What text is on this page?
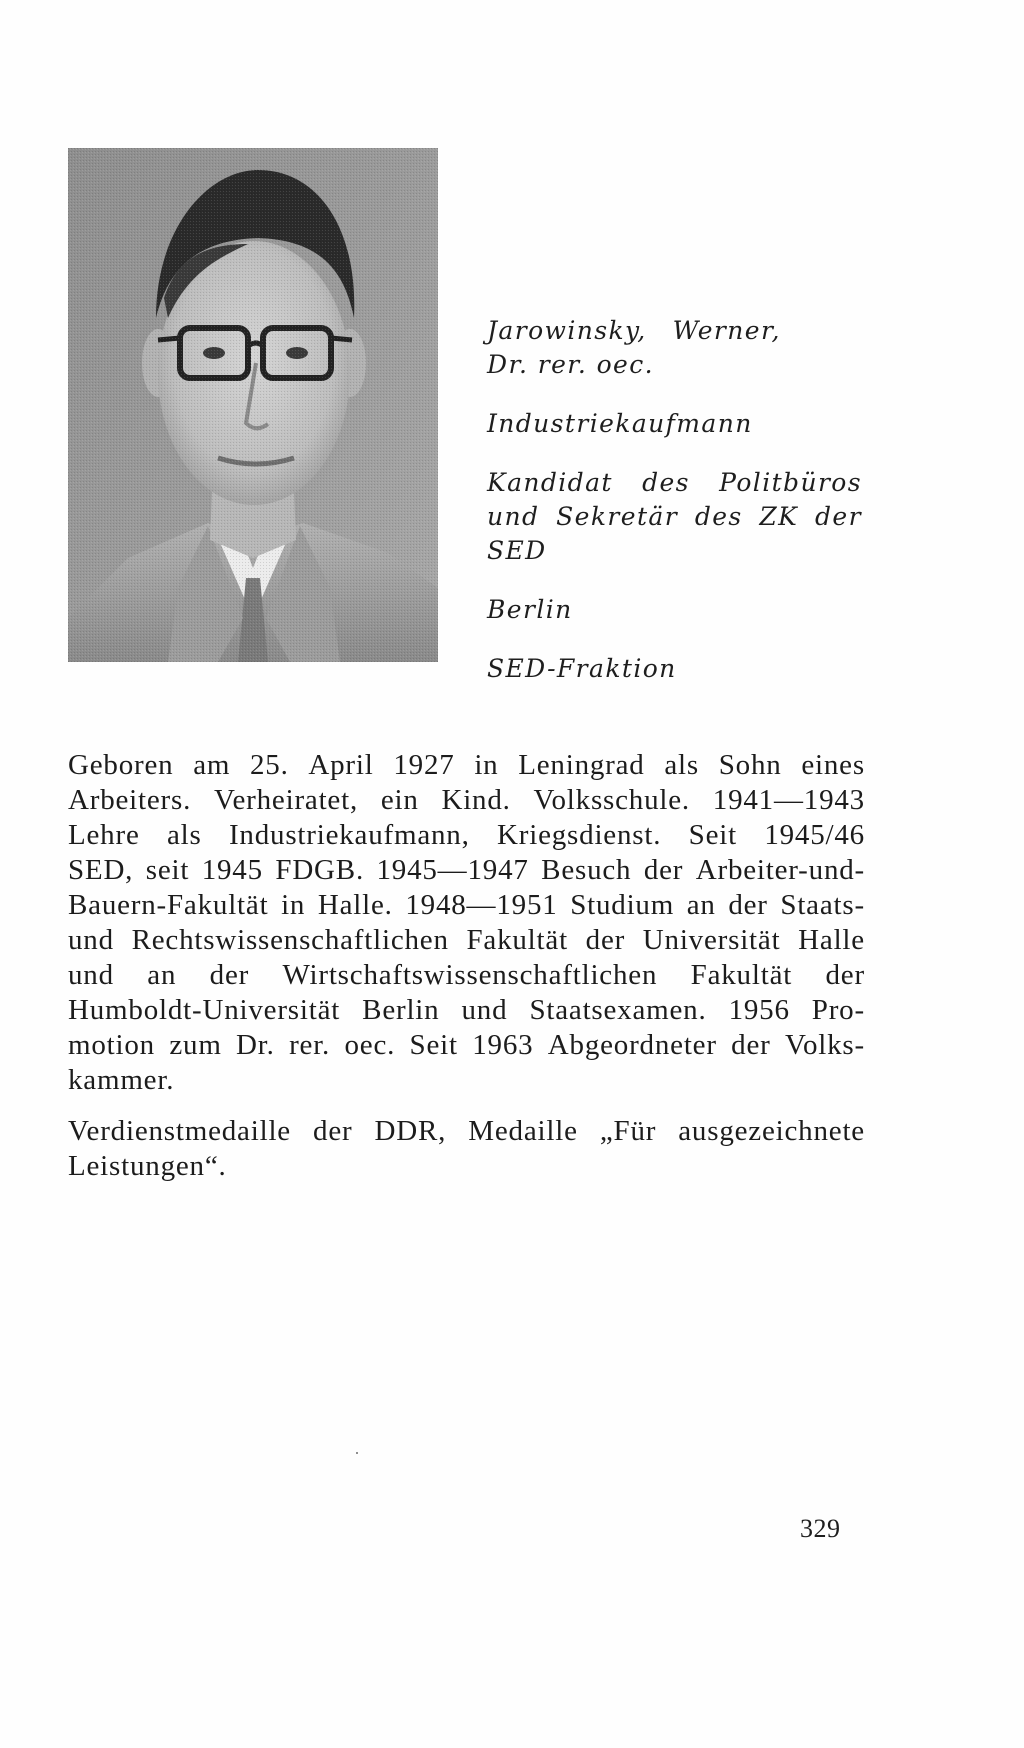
Jarowinsky, Werner,
Dr. rer. oec.
Industriekaufmann
Kandidat des Politbüros
und Sekretär des ZK der
SED
Berlin
SED-Fraktion
Geboren am 25. April 1927 in Leningrad als Sohn eines
Arbeiters. Verheiratet, ein Kind. Volksschule. 1941—1943
Lehre als Industriekaufmann, Kriegsdienst. Seit 1945/46
SED, seit 1945 FDGB. 1945—1947 Besuch der Arbeiter-und-
Bauern-Fakultät in Halle. 1948—1951 Studium an der Staats-
und Rechtswissenschaftlichen Fakultät der Universität Halle
und an der Wirtschaftswissenschaftlichen Fakultät der
Humboldt-Universität Berlin und Staatsexamen. 1956 Pro-
motion zum Dr. rer. oec. Seit 1963 Abgeordneter der Volks-
kammer.
Verdienstmedaille der DDR, Medaille „Für ausgezeichnete
Leistungen“.
329
